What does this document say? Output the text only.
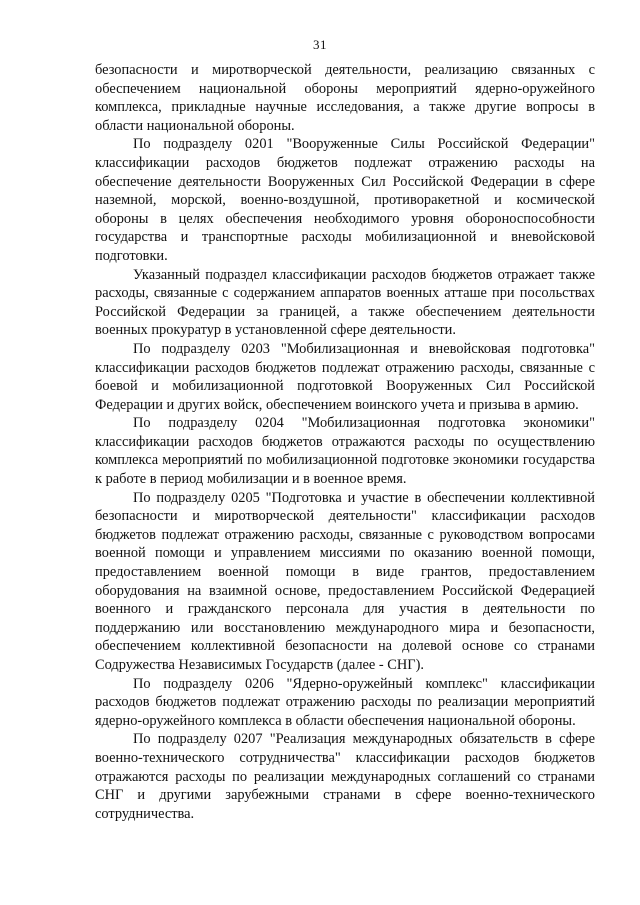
31

безопасности и миротворческой деятельности, реализацию связанных с обеспечением национальной обороны мероприятий ядерно-оружейного комплекса, прикладные научные исследования, а также другие вопросы в области национальной обороны.

По подразделу 0201 "Вооруженные Силы Российской Федерации" классификации расходов бюджетов подлежат отражению расходы на обеспечение деятельности Вооруженных Сил Российской Федерации в сфере наземной, морской, военно-воздушной, противоракетной и космической обороны в целях обеспечения необходимого уровня обороноспособности государства и транспортные расходы мобилизационной и вневойсковой подготовки.

Указанный подраздел классификации расходов бюджетов отражает также расходы, связанные с содержанием аппаратов военных атташе при посольствах Российской Федерации за границей, а также обеспечением деятельности военных прокуратур в установленной сфере деятельности.

По подразделу 0203 "Мобилизационная и вневойсковая подготовка" классификации расходов бюджетов подлежат отражению расходы, связанные с боевой и мобилизационной подготовкой Вооруженных Сил Российской Федерации и других войск, обеспечением воинского учета и призыва в армию.

По подразделу 0204 "Мобилизационная подготовка экономики" классификации расходов бюджетов отражаются расходы по осуществлению комплекса мероприятий по мобилизационной подготовке экономики государства к работе в период мобилизации и в военное время.

По подразделу 0205 "Подготовка и участие в обеспечении коллективной безопасности и миротворческой деятельности" классификации расходов бюджетов подлежат отражению расходы, связанные с руководством вопросами военной помощи и управлением миссиями по оказанию военной помощи, предоставлением военной помощи в виде грантов, предоставлением оборудования на взаимной основе, предоставлением Российской Федерацией военного и гражданского персонала для участия в деятельности по поддержанию или восстановлению международного мира и безопасности, обеспечением коллективной безопасности на долевой основе со странами Содружества Независимых Государств (далее - СНГ).

По подразделу 0206 "Ядерно-оружейный комплекс" классификации расходов бюджетов подлежат отражению расходы по реализации мероприятий ядерно-оружейного комплекса в области обеспечения национальной обороны.

По подразделу 0207 "Реализация международных обязательств в сфере военно-технического сотрудничества" классификации расходов бюджетов отражаются расходы по реализации международных соглашений со странами СНГ и другими зарубежными странами в сфере военно-технического сотрудничества.
